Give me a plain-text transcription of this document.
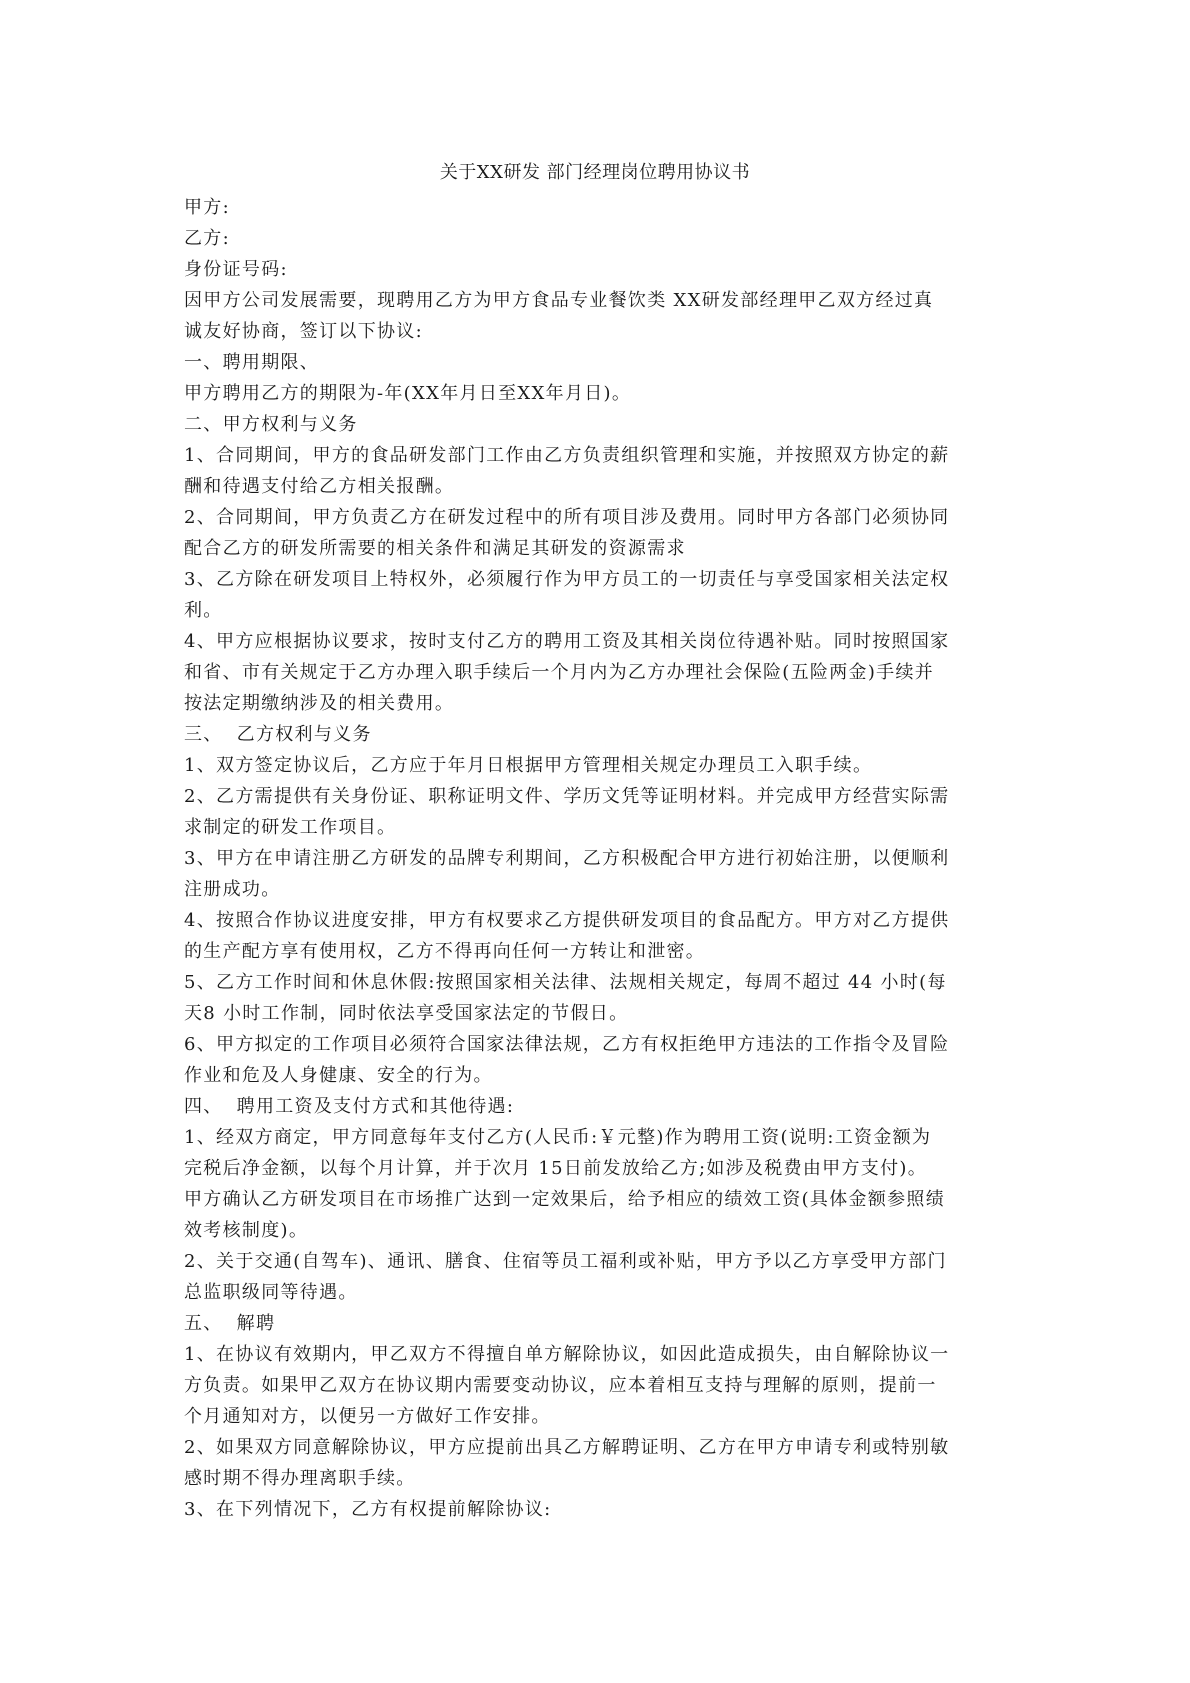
关于XX研发 部门经理岗位聘用协议书
甲方:
乙方:
身份证号码:
因甲方公司发展需要，现聘用乙方为甲方食品专业餐饮类 XX研发部经理甲乙双方经过真
诚友好协商，签订以下协议:
一、聘用期限、
甲方聘用乙方的期限为-年(XX年月日至XX年月日)。
二、甲方权利与义务
1、合同期间，甲方的食品研发部门工作由乙方负责组织管理和实施，并按照双方协定的薪
酬和待遇支付给乙方相关报酬。
2、合同期间，甲方负责乙方在研发过程中的所有项目涉及费用。同时甲方各部门必须协同
配合乙方的研发所需要的相关条件和满足其研发的资源需求
3、乙方除在研发项目上特权外，必须履行作为甲方员工的一切责任与享受国家相关法定权
利。
4、甲方应根据协议要求，按时支付乙方的聘用工资及其相关岗位待遇补贴。同时按照国家
和省、市有关规定于乙方办理入职手续后一个月内为乙方办理社会保险(五险两金)手续并
按法定期缴纳涉及的相关费用。
三、  乙方权利与义务
1、双方签定协议后，乙方应于年月日根据甲方管理相关规定办理员工入职手续。
2、乙方需提供有关身份证、职称证明文件、学历文凭等证明材料。并完成甲方经营实际需
求制定的研发工作项目。
3、甲方在申请注册乙方研发的品牌专利期间，乙方积极配合甲方进行初始注册，以便顺利
注册成功。
4、按照合作协议进度安排，甲方有权要求乙方提供研发项目的食品配方。甲方对乙方提供
的生产配方享有使用权，乙方不得再向任何一方转让和泄密。
5、乙方工作时间和休息休假:按照国家相关法律、法规相关规定，每周不超过 44 小时(每
天8 小时工作制，同时依法享受国家法定的节假日。
6、甲方拟定的工作项目必须符合国家法律法规，乙方有权拒绝甲方违法的工作指令及冒险
作业和危及人身健康、安全的行为。
四、  聘用工资及支付方式和其他待遇:
1、经双方商定，甲方同意每年支付乙方(人民币:￥元整)作为聘用工资(说明:工资金额为
完税后净金额，以每个月计算，并于次月 15日前发放给乙方;如涉及税费由甲方支付)。
甲方确认乙方研发项目在市场推广达到一定效果后，给予相应的绩效工资(具体金额参照绩
效考核制度)。
2、关于交通(自驾车)、通讯、膳食、住宿等员工福利或补贴，甲方予以乙方享受甲方部门
总监职级同等待遇。
五、  解聘
1、在协议有效期内，甲乙双方不得擅自单方解除协议，如因此造成损失，由自解除协议一
方负责。如果甲乙双方在协议期内需要变动协议，应本着相互支持与理解的原则，提前一
个月通知对方，以便另一方做好工作安排。
2、如果双方同意解除协议，甲方应提前出具乙方解聘证明、乙方在甲方申请专利或特别敏
感时期不得办理离职手续。
3、在下列情况下，乙方有权提前解除协议:
